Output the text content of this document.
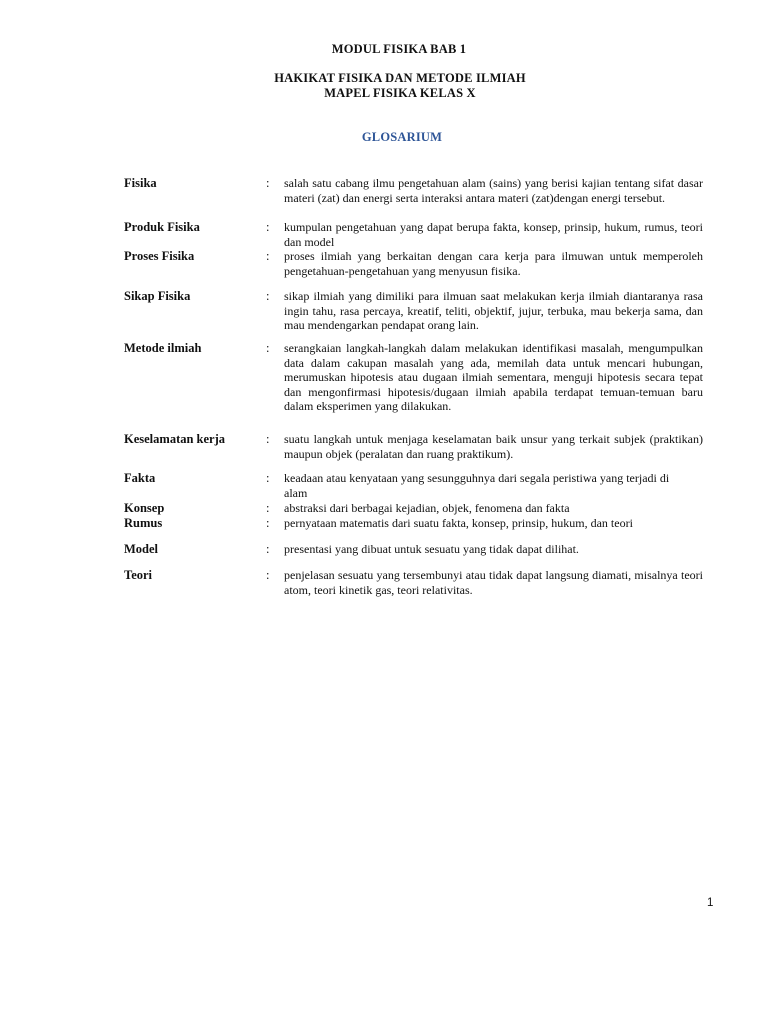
MODUL FISIKA BAB 1
HAKIKAT FISIKA DAN METODE ILMIAH
MAPEL FISIKA KELAS X
GLOSARIUM
Fisika	: salah satu cabang ilmu pengetahuan alam (sains) yang berisi kajian tentang sifat dasar materi (zat) dan energi serta interaksi antara materi (zat)dengan energi tersebut.
Produk Fisika	: kumpulan pengetahuan yang dapat berupa fakta, konsep, prinsip, hukum, rumus, teori dan model
Proses Fisika	: proses ilmiah yang berkaitan dengan cara kerja para ilmuwan untuk memperoleh pengetahuan-pengetahuan yang menyusun fisika.
Sikap Fisika	: sikap ilmiah yang dimiliki para ilmuan saat melakukan kerja ilmiah diantaranya rasa ingin tahu, rasa percaya, kreatif, teliti, objektif, jujur, terbuka, mau bekerja sama, dan mau mendengarkan pendapat orang lain.
Metode ilmiah	: serangkaian langkah-langkah dalam melakukan identifikasi masalah, mengumpulkan data dalam cakupan masalah yang ada, memilah data untuk mencari hubungan, merumuskan hipotesis atau dugaan ilmiah sementara, menguji hipotesis secara tepat dan mengonfirmasi hipotesis/dugaan ilmiah apabila terdapat temuan-temuan baru dalam eksperimen yang dilakukan.
Keselamatan kerja	: suatu langkah untuk menjaga keselamatan baik unsur yang terkait subjek (praktikan) maupun objek (peralatan dan ruang praktikum).
Fakta	: keadaan atau kenyataan yang sesungguhnya dari segala peristiwa yang terjadi di alam
Konsep	: abstraksi dari berbagai kejadian, objek, fenomena dan fakta
Rumus	: pernyataan matematis dari suatu fakta, konsep, prinsip, hukum, dan teori
Model	: presentasi yang dibuat untuk sesuatu yang tidak dapat dilihat.
Teori	: penjelasan sesuatu yang tersembunyi atau tidak dapat langsung diamati, misalnya teori atom, teori kinetik gas, teori relativitas.
1
